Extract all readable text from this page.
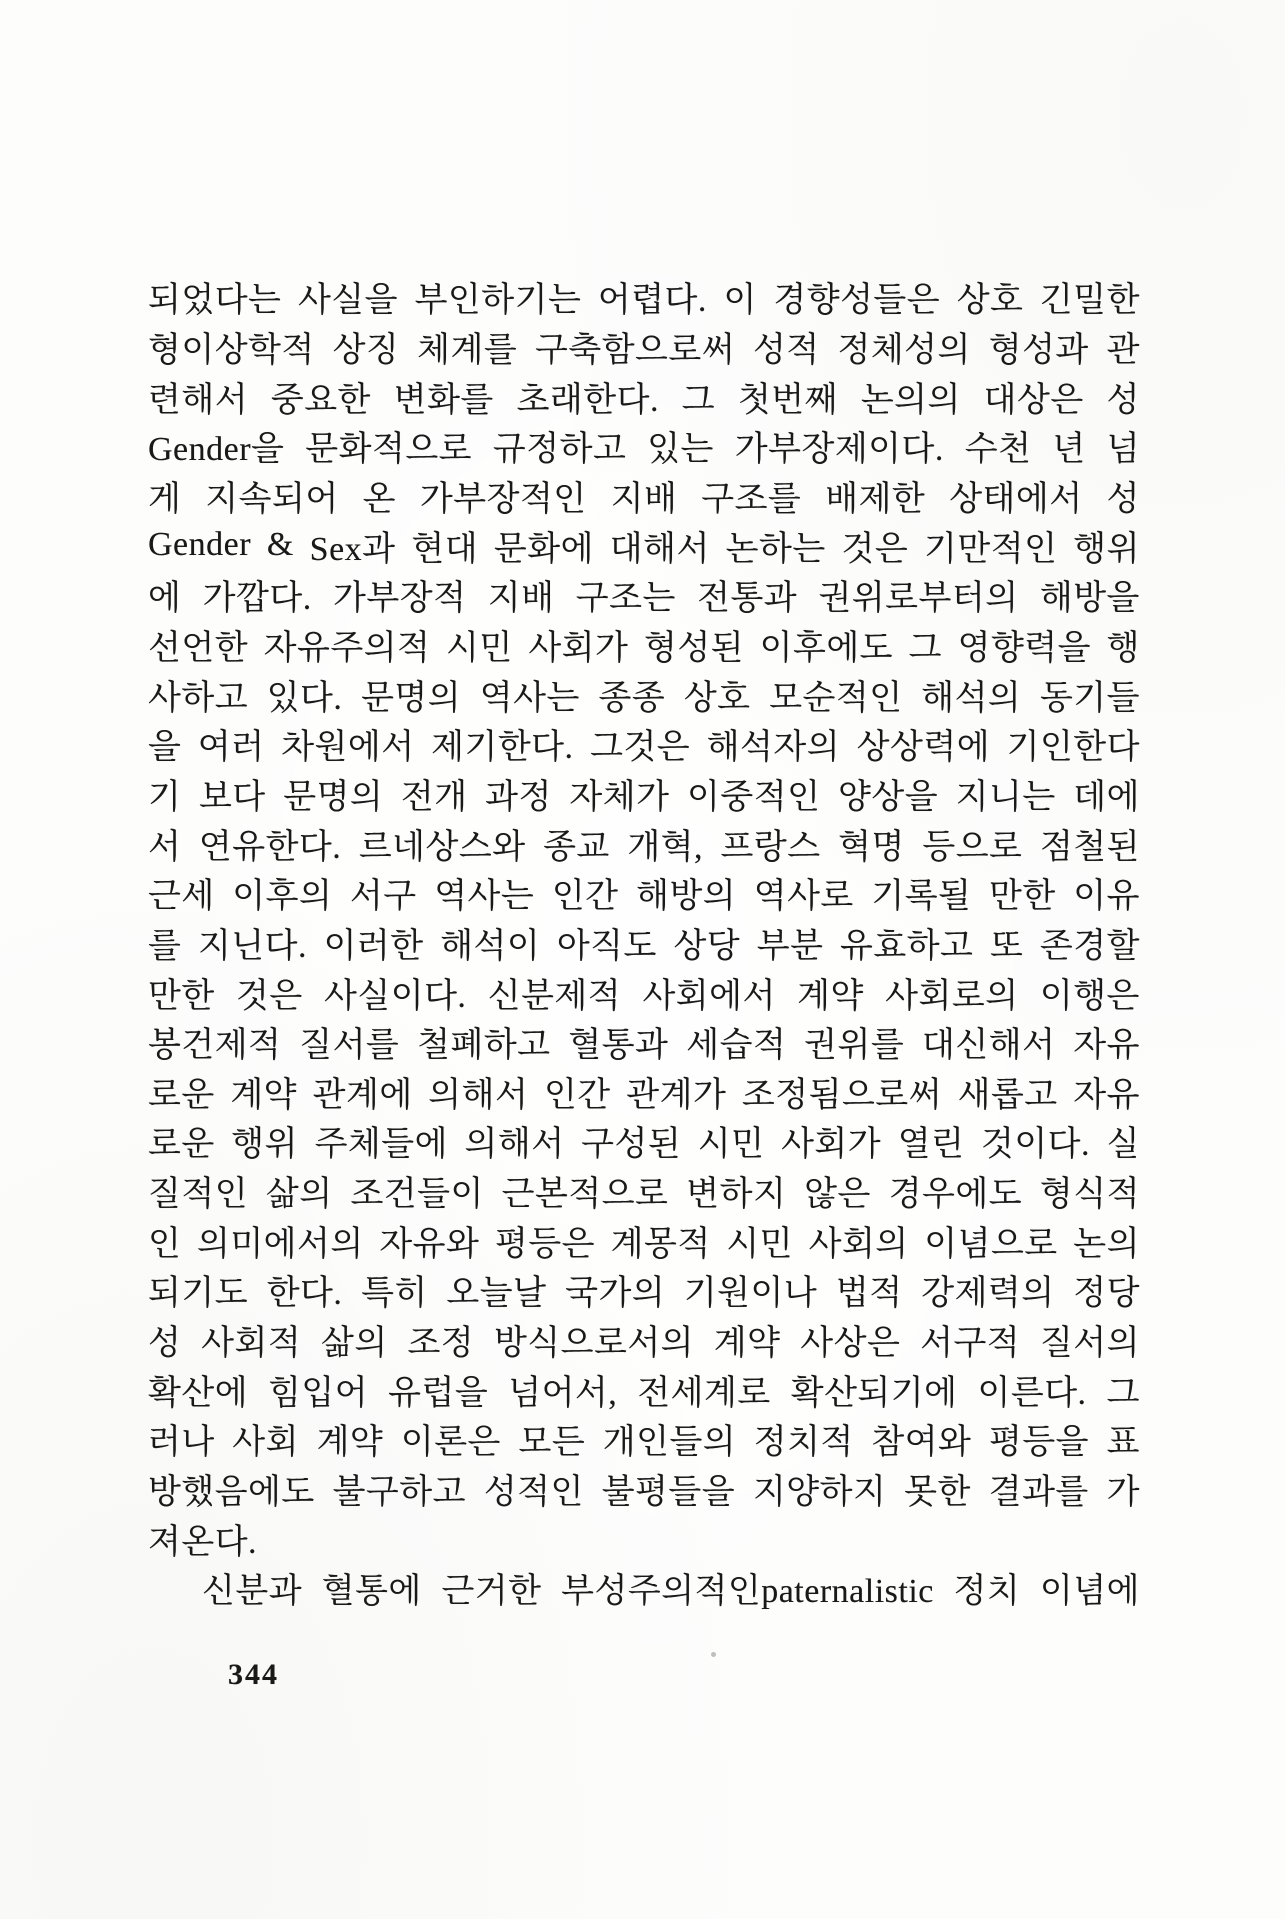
되었다는 사실을 부인하기는 어렵다. 이 경향성들은 상호 긴밀한
형이상학적 상징 체계를 구축함으로써 성적 정체성의 형성과 관
련해서 중요한 변화를 초래한다. 그 첫번째 논의의 대상은 성
Gender을 문화적으로 규정하고 있는 가부장제이다. 수천 년 넘
게 지속되어 온 가부장적인 지배 구조를 배제한 상태에서 성
Gender & Sex과 현대 문화에 대해서 논하는 것은 기만적인 행위
에 가깝다. 가부장적 지배 구조는 전통과 권위로부터의 해방을
선언한 자유주의적 시민 사회가 형성된 이후에도 그 영향력을 행
사하고 있다. 문명의 역사는 종종 상호 모순적인 해석의 동기들
을 여러 차원에서 제기한다. 그것은 해석자의 상상력에 기인한다
기 보다 문명의 전개 과정 자체가 이중적인 양상을 지니는 데에
서 연유한다. 르네상스와 종교 개혁, 프랑스 혁명 등으로 점철된
근세 이후의 서구 역사는 인간 해방의 역사로 기록될 만한 이유
를 지닌다. 이러한 해석이 아직도 상당 부분 유효하고 또 존경할
만한 것은 사실이다. 신분제적 사회에서 계약 사회로의 이행은
봉건제적 질서를 철폐하고 혈통과 세습적 권위를 대신해서 자유
로운 계약 관계에 의해서 인간 관계가 조정됨으로써 새롭고 자유
로운 행위 주체들에 의해서 구성된 시민 사회가 열린 것이다. 실
질적인 삶의 조건들이 근본적으로 변하지 않은 경우에도 형식적
인 의미에서의 자유와 평등은 계몽적 시민 사회의 이념으로 논의
되기도 한다. 특히 오늘날 국가의 기원이나 법적 강제력의 정당
성 사회적 삶의 조정 방식으로서의 계약 사상은 서구적 질서의
확산에 힘입어 유럽을 넘어서, 전세계로 확산되기에 이른다. 그
러나 사회 계약 이론은 모든 개인들의 정치적 참여와 평등을 표
방했음에도 불구하고 성적인 불평들을 지양하지 못한 결과를 가
져온다.
신분과 혈통에 근거한 부성주의적인paternalistic 정치 이념에
344
